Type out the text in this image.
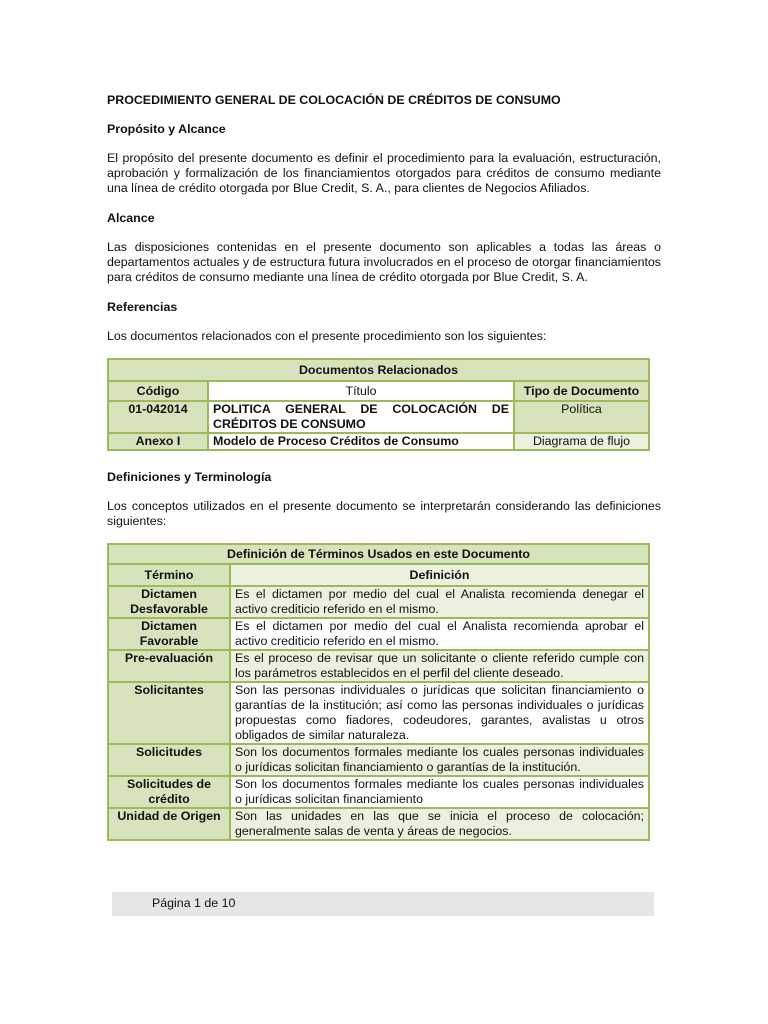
PROCEDIMIENTO GENERAL DE COLOCACIÓN DE CRÉDITOS DE CONSUMO
Propósito y Alcance
El propósito del presente documento es definir el procedimiento para la evaluación, estructuración, aprobación y formalización de los financiamientos otorgados para créditos de consumo mediante una línea de crédito otorgada por Blue Credit, S. A., para clientes de Negocios Afiliados.
Alcance
Las disposiciones contenidas en el presente documento son aplicables a todas las áreas o departamentos actuales y de estructura futura involucrados en el proceso de otorgar financiamientos para créditos de consumo mediante una línea de crédito otorgada por Blue Credit, S. A.
Referencias
Los documentos relacionados con el presente procedimiento son los siguientes:
Documentos Relacionados		
Código	Título	Tipo de Documento
01-042014	POLITICA GENERAL DE COLOCACIÓN DE CRÉDITOS DE CONSUMO	Política
Anexo I	Modelo de Proceso Créditos de Consumo	Diagrama de flujo
Definiciones y Terminología
Los conceptos utilizados en el presente documento se interpretarán considerando las definiciones siguientes:
Definición de Términos Usados en este Documento	
Término	Definición
Dictamen Desfavorable	Es el dictamen por medio del cual el Analista recomienda denegar el activo crediticio referido en el mismo.
Dictamen Favorable	Es el dictamen por medio del cual el Analista recomienda aprobar el activo crediticio referido en el mismo.
Pre-evaluación	Es el proceso de revisar que un solicitante o cliente referido cumple con los parámetros establecidos en el perfil del cliente deseado.
Solicitantes	Son las personas individuales o jurídicas que solicitan financiamiento o garantías de la institución; así como las personas individuales o jurídicas propuestas como fiadores, codeudores, garantes, avalistas u otros obligados de similar naturaleza.
Solicitudes	Son los documentos formales mediante los cuales personas individuales o jurídicas solicitan financiamiento o garantías de la institución.
Solicitudes de crédito	Son los documentos formales mediante los cuales personas individuales o jurídicas solicitan financiamiento
Unidad de Origen	Son las unidades en las que se inicia el proceso de colocación; generalmente salas de venta y áreas de negocios.
Página 1 de 10
